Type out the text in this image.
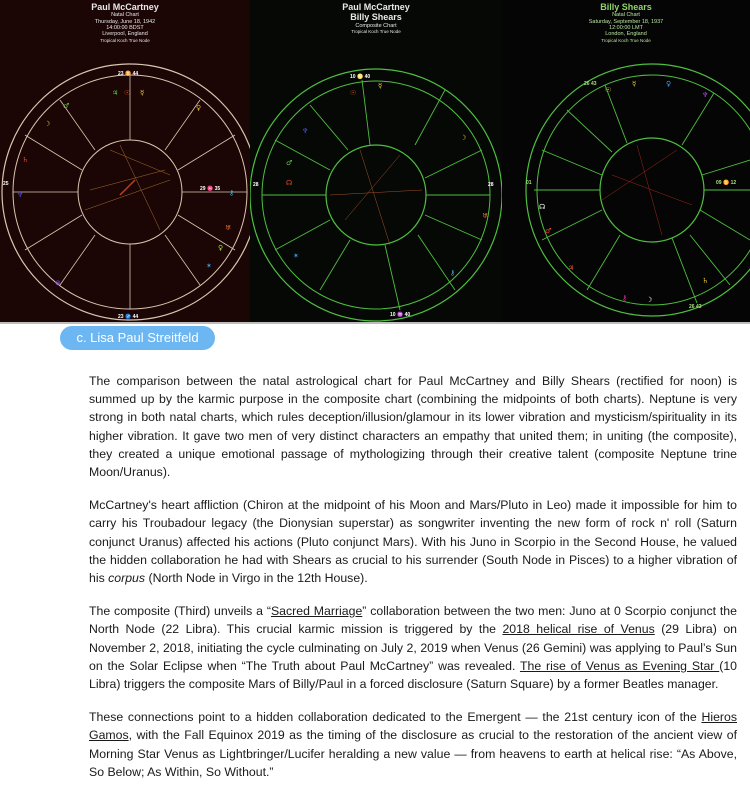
♃ ☉ ☿
♂
☽
♄
♆
♀
⚷
⊗
✶
♅
♀
23 ♊ 44
23 ♐ 44
25
29 ♓ 35
Paul McCartney
Natal Chart
Thursday, June 18, 1942
14:00:00 BDST
Liverpool, England
Tropical Koch True Node
☉
☿
♆
♂
☊
☽
♅
✶
⚷
10 ♌ 40
10 ♒ 40
28	28
Paul McCartney
Billy Shears
Composite Chart
Tropical Koch True Node
☉
☿	♀
♆
☊
♂
♃
☽
⚷
♄
26 43
26 43
01	09 ♊ 12
Billy Shears
Natal Chart
Saturday, September 18, 1937
12:00:00 LMT
London, England
Tropical Koch True Node
c. Lisa Paul Streitfeld

The comparison between the natal astrological chart for Paul McCartney and Billy Shears (rectified for noon) is summed up by the karmic purpose in the composite chart (combining the midpoints of both charts). Neptune is very strong in both natal charts, which rules deception/illusion/glamour in its lower vibration and mysticism/spirituality in its higher vibration. It gave two men of very distinct characters an empathy that united them; in uniting (the composite), they created a unique emotional passage of mythologizing through their creative talent (composite Neptune trine Moon/Uranus).

McCartney's heart affliction (Chiron at the midpoint of his Moon and Mars/Pluto in Leo) made it impossible for him to carry his Troubadour legacy (the Dionysian superstar) as songwriter inventing the new form of rock n' roll (Saturn conjunct Uranus) affected his actions (Pluto conjunct Mars). With his Juno in Scorpio in the Second House, he valued the hidden collaboration he had with Shears as crucial to his surrender (South Node in Pisces) to a higher vibration of his corpus (North Node in Virgo in the 12th House).

The composite (Third) unveils a “Sacred Marriage” collaboration between the two men: Juno at 0 Scorpio conjunct the North Node (22 Libra). This crucial karmic mission is triggered by the 2018 helical rise of Venus (29 Libra) on November 2, 2018, initiating the cycle culminating on July 2, 2019 when Venus (26 Gemini) was applying to Paul’s Sun on the Solar Eclipse when “The Truth about Paul McCartney” was revealed. The rise of Venus as Evening Star (10 Libra) triggers the composite Mars of Billy/Paul in a forced disclosure (Saturn Square) by a former Beatles manager.

These connections point to a hidden collaboration dedicated to the Emergent — the 21st century icon of the Hieros Gamos, with the Fall Equinox 2019 as the timing of the disclosure as crucial to the restoration of the ancient view of Morning Star Venus as Lightbringer/Lucifer heralding a new value — from heavens to earth at helical rise: “As Above, So Below; As Within, So Without.”
